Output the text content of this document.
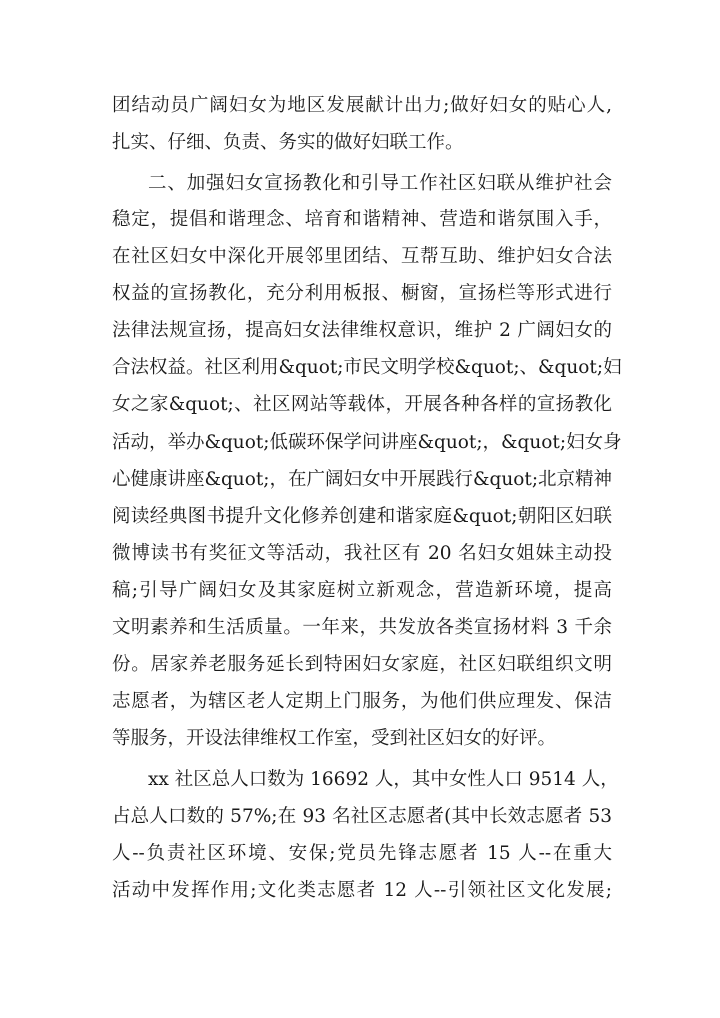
团结动员广阔妇女为地区发展献计出力;做好妇女的贴心人,
扎实、仔细、负责、务实的做好妇联工作。
二、加强妇女宣扬教化和引导工作社区妇联从维护社会
稳定，提倡和谐理念、培育和谐精神、营造和谐氛围入手，
在社区妇女中深化开展邻里团结、互帮互助、维护妇女合法
权益的宣扬教化，充分利用板报、橱窗，宣扬栏等形式进行
法律法规宣扬，提高妇女法律维权意识，维护 2 广阔妇女的
合法权益。社区利用&quot;市民文明学校&quot;、&quot;妇
女之家&quot;、社区网站等载体，开展各种各样的宣扬教化
活动，举办&quot;低碳环保学问讲座&quot;，&quot;妇女身
心健康讲座&quot;，在广阔妇女中开展践行&quot;北京精神
阅读经典图书提升文化修养创建和谐家庭&quot;朝阳区妇联
微博读书有奖征文等活动，我社区有 20 名妇女姐妹主动投
稿;引导广阔妇女及其家庭树立新观念，营造新环境，提高
文明素养和生活质量。一年来，共发放各类宣扬材料 3 千余
份。居家养老服务延长到特困妇女家庭，社区妇联组织文明
志愿者，为辖区老人定期上门服务，为他们供应理发、保洁
等服务，开设法律维权工作室，受到社区妇女的好评。
xx 社区总人口数为 16692 人，其中女性人口 9514 人，
占总人口数的 57%;在 93 名社区志愿者(其中长效志愿者 53
人--负责社区环境、安保;党员先锋志愿者 15 人--在重大
活动中发挥作用;文化类志愿者 12 人--引领社区文化发展;
